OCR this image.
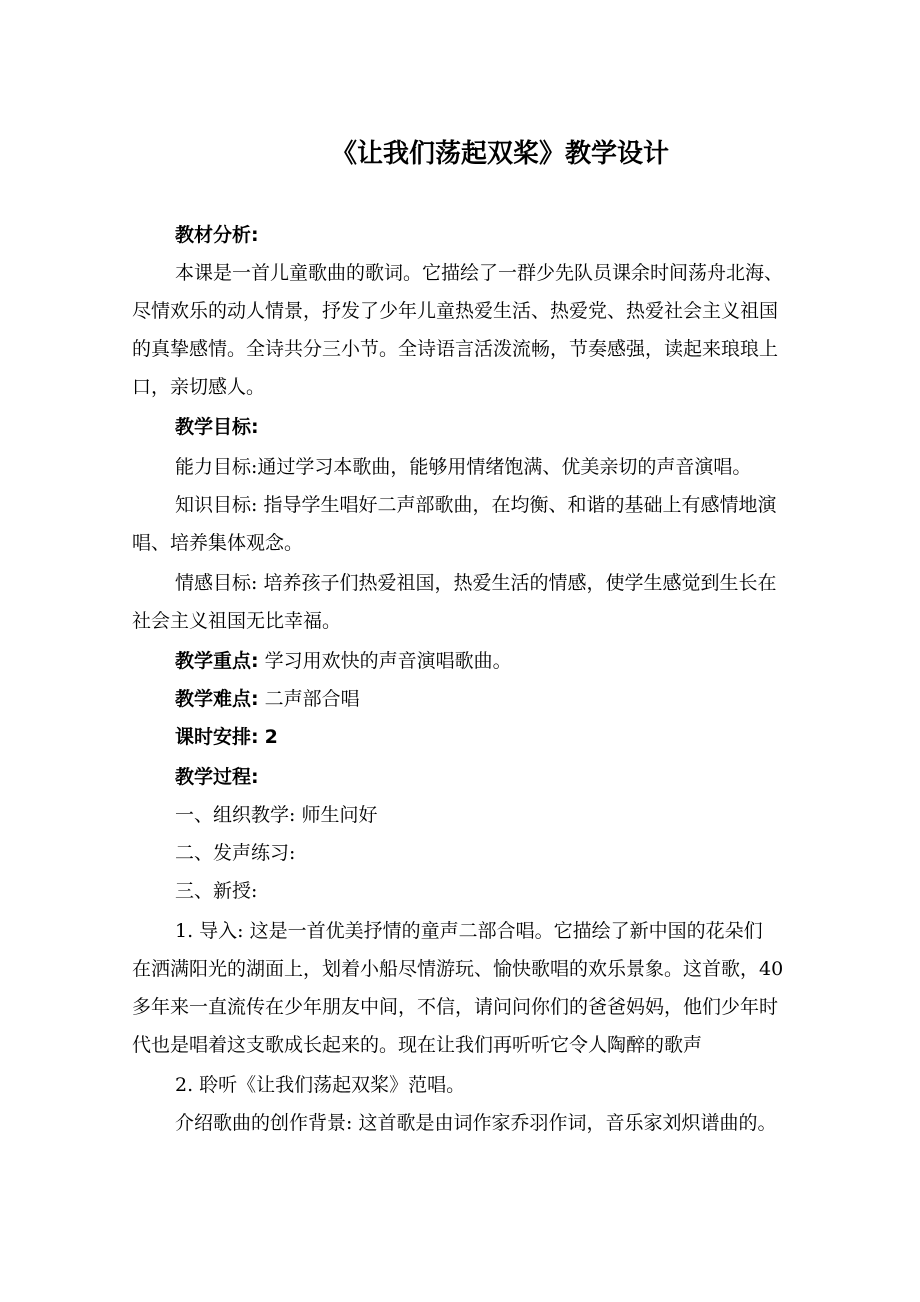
《让我们荡起双桨》教学设计
教材分析:
本课是一首儿童歌曲的歌词。它描绘了一群少先队员课余时间荡舟北海、
尽情欢乐的动人情景，抒发了少年儿童热爱生活、热爱党、热爱社会主义祖国
的真挚感情。全诗共分三小节。全诗语言活泼流畅，节奏感强，读起来琅琅上
口，亲切感人。
教学目标:
能力目标:通过学习本歌曲，能够用情绪饱满、优美亲切的声音演唱。
知识目标: 指导学生唱好二声部歌曲，在均衡、和谐的基础上有感情地演
唱、培养集体观念。
情感目标: 培养孩子们热爱祖国，热爱生活的情感，使学生感觉到生长在
社会主义祖国无比幸福。
教学重点: 学习用欢快的声音演唱歌曲。
教学难点: 二声部合唱
课时安排: 2
教学过程:
一、组织教学: 师生问好
二、发声练习:
三、新授:
1. 导入: 这是一首优美抒情的童声二部合唱。它描绘了新中国的花朵们
在洒满阳光的湖面上，划着小船尽情游玩、愉快歌唱的欢乐景象。这首歌，40
多年来一直流传在少年朋友中间，不信，请问问你们的爸爸妈妈，他们少年时
代也是唱着这支歌成长起来的。现在让我们再听听它令人陶醉的歌声
2. 聆听《让我们荡起双桨》范唱。
介绍歌曲的创作背景: 这首歌是由词作家乔羽作词，音乐家刘炽谱曲的。
